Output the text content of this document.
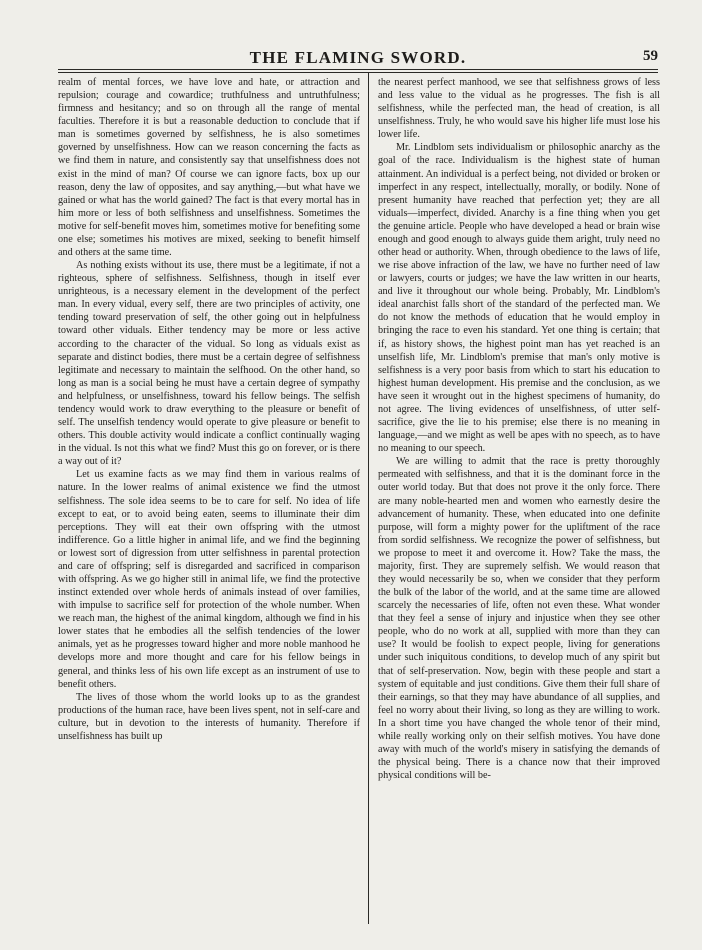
THE FLAMING SWORD.	59

realm of mental forces, we have love and hate, or attraction and repulsion; courage and cowardice; truthfulness and untruthfulness; firmness and hesitancy; and so on through all the range of mental faculties. Therefore it is but a reasonable deduction to conclude that if man is sometimes governed by selfishness, he is also sometimes governed by unselfishness. How can we reason concerning the facts as we find them in nature, and consistently say that unselfishness does not exist in the mind of man? Of course we can ignore facts, box up our reason, deny the law of opposites, and say anything,—but what have we gained or what has the world gained? The fact is that every mortal has in him more or less of both selfishness and unselfishness. Sometimes the motive for self-benefit moves him, sometimes motive for benefiting some one else; sometimes his motives are mixed, seeking to benefit himself and others at the same time.

As nothing exists without its use, there must be a legitimate, if not a righteous, sphere of selfishness. Selfishness, though in itself ever unrighteous, is a necessary element in the development of the perfect man. In every vidual, every self, there are two principles of activity, one tending toward preservation of self, the other going out in helpfulness toward other viduals. Either tendency may be more or less active according to the character of the vidual. So long as viduals exist as separate and distinct bodies, there must be a certain degree of selfishness legitimate and necessary to maintain the selfhood. On the other hand, so long as man is a social being he must have a certain degree of sympathy and helpfulness, or unselfishness, toward his fellow beings. The selfish tendency would work to draw everything to the pleasure or benefit of self. The unselfish tendency would operate to give pleasure or benefit to others. This double activity would indicate a conflict continually waging in the vidual. Is not this what we find? Must this go on forever, or is there a way out of it?

Let us examine facts as we may find them in various realms of nature. In the lower realms of animal existence we find the utmost selfishness. The sole idea seems to be to care for self. No idea of life except to eat, or to avoid being eaten, seems to illuminate their dim perceptions. They will eat their own offspring with the utmost indifference. Go a little higher in animal life, and we find the beginning or lowest sort of digression from utter selfishness in parental protection and care of offspring; self is disregarded and sacrificed in comparison with offspring. As we go higher still in animal life, we find the protective instinct extended over whole herds of animals instead of over families, with impulse to sacrifice self for protection of the whole number. When we reach man, the highest of the animal kingdom, although we find in his lower states that he embodies all the selfish tendencies of the lower animals, yet as he progresses toward higher and more noble manhood he develops more and more thought and care for his fellow beings in general, and thinks less of his own life except as an instrument of use to benefit others.

The lives of those whom the world looks up to as the grandest productions of the human race, have been lives spent, not in self-care and culture, but in devotion to the interests of humanity. Therefore if unselfishness has built up

the nearest perfect manhood, we see that selfishness grows of less and less value to the vidual as he progresses. The fish is all selfishness, while the perfected man, the head of creation, is all unselfishness. Truly, he who would save his higher life must lose his lower life.

Mr. Lindblom sets individualism or philosophic anarchy as the goal of the race. Individualism is the highest state of human attainment. An individual is a perfect being, not divided or broken or imperfect in any respect, intellectually, morally, or bodily. None of present humanity have reached that perfection yet; they are all viduals—imperfect, divided. Anarchy is a fine thing when you get the genuine article. People who have developed a head or brain wise enough and good enough to always guide them aright, truly need no other head or authority. When, through obedience to the laws of life, we rise above infraction of the law, we have no further need of law or lawyers, courts or judges; we have the law written in our hearts, and live it throughout our whole being. Probably, Mr. Lindblom's ideal anarchist falls short of the standard of the perfected man. We do not know the methods of education that he would employ in bringing the race to even his standard. Yet one thing is certain; that if, as history shows, the highest point man has yet reached is an unselfish life, Mr. Lindblom's premise that man's only motive is selfishness is a very poor basis from which to start his education to highest human development. His premise and the conclusion, as we have seen it wrought out in the highest specimens of humanity, do not agree. The living evidences of unselfishness, of utter self-sacrifice, give the lie to his premise; else there is no meaning in language,—and we might as well be apes with no speech, as to have no meaning to our speech.

We are willing to admit that the race is pretty thoroughly permeated with selfishness, and that it is the dominant force in the outer world today. But that does not prove it the only force. There are many noble-hearted men and women who earnestly desire the advancement of humanity. These, when educated into one definite purpose, will form a mighty power for the upliftment of the race from sordid selfishness. We recognize the power of selfishness, but we propose to meet it and overcome it. How? Take the mass, the majority, first. They are supremely selfish. We would reason that they would necessarily be so, when we consider that they perform the bulk of the labor of the world, and at the same time are allowed scarcely the necessaries of life, often not even these. What wonder that they feel a sense of injury and injustice when they see other people, who do no work at all, supplied with more than they can use? It would be foolish to expect people, living for generations under such iniquitous conditions, to develop much of any spirit but that of self-preservation. Now, begin with these people and start a system of equitable and just conditions. Give them their full share of their earnings, so that they may have abundance of all supplies, and feel no worry about their living, so long as they are willing to work. In a short time you have changed the whole tenor of their mind, while really working only on their selfish motives. You have done away with much of the world's misery in satisfying the demands of the physical being. There is a chance now that their improved physical conditions will be-
